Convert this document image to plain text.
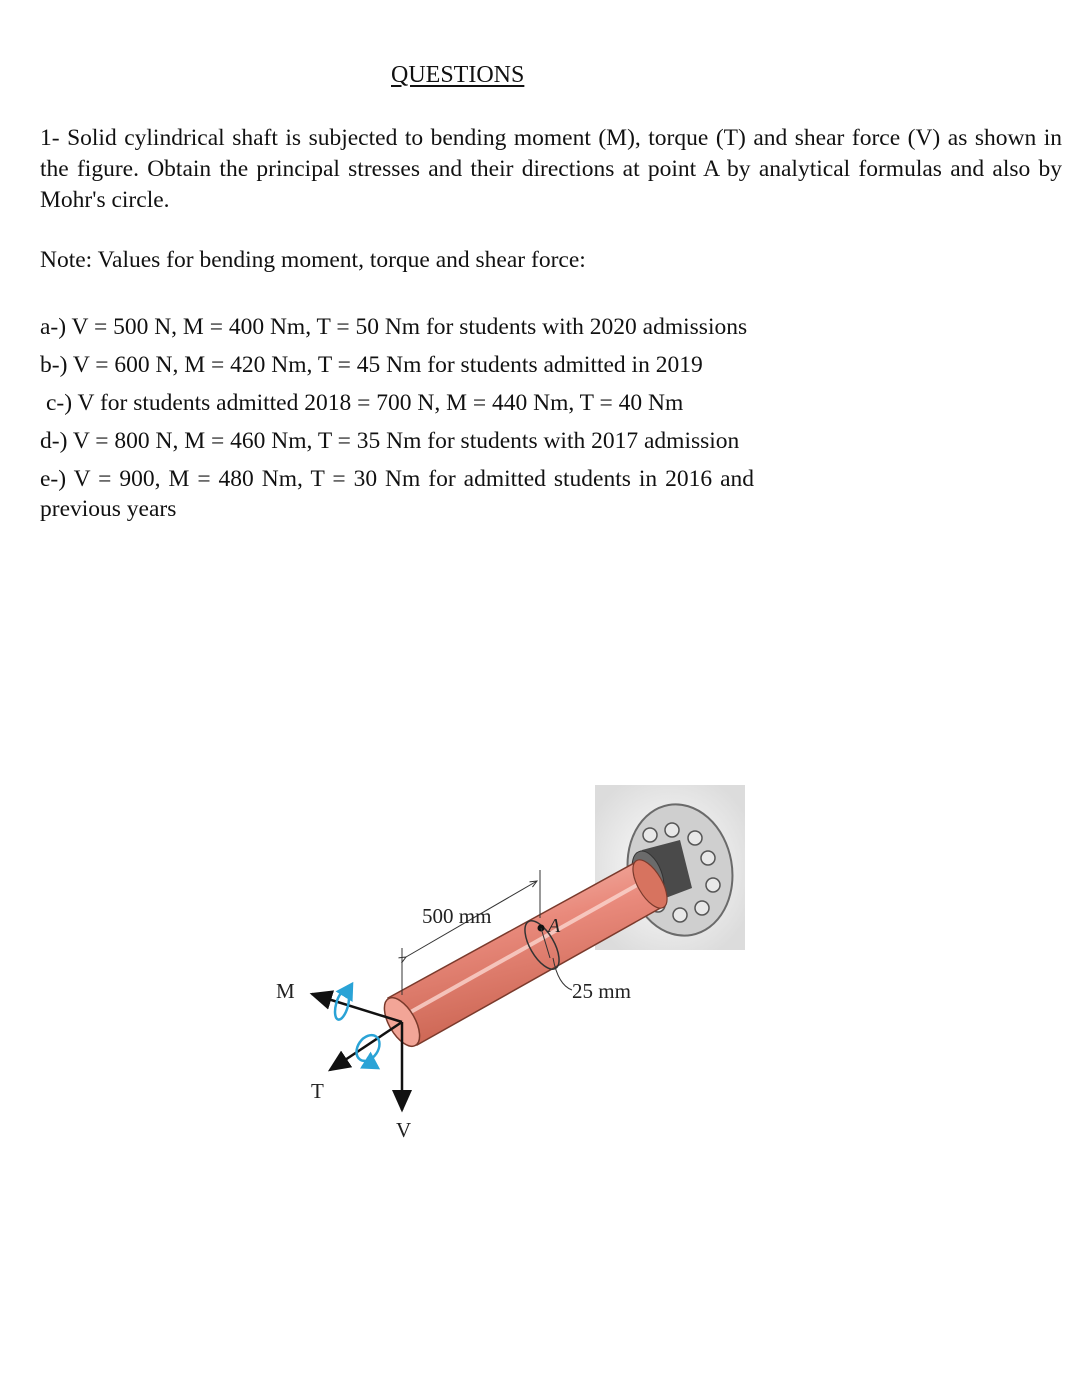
QUESTIONS
1- Solid cylindrical shaft is subjected to bending moment (M), torque (T) and shear force (V) as shown in the figure. Obtain the principal stresses and their directions at point A by analytical formulas and also by Mohr's circle.
Note: Values for bending moment, torque and shear force:
a-) V = 500 N, M = 400 Nm, T = 50 Nm for students with 2020 admissions
b-) V = 600 N, M = 420 Nm, T = 45 Nm for students admitted in 2019
c-) V for students admitted 2018 = 700 N, M = 440 Nm, T = 40 Nm
d-) V = 800 N, M = 460 Nm, T = 35 Nm for students with 2017 admission
e-) V = 900, M = 480 Nm, T = 30 Nm for admitted students in 2016 and previous years
500 mm	A
25 mm
M
T
V
